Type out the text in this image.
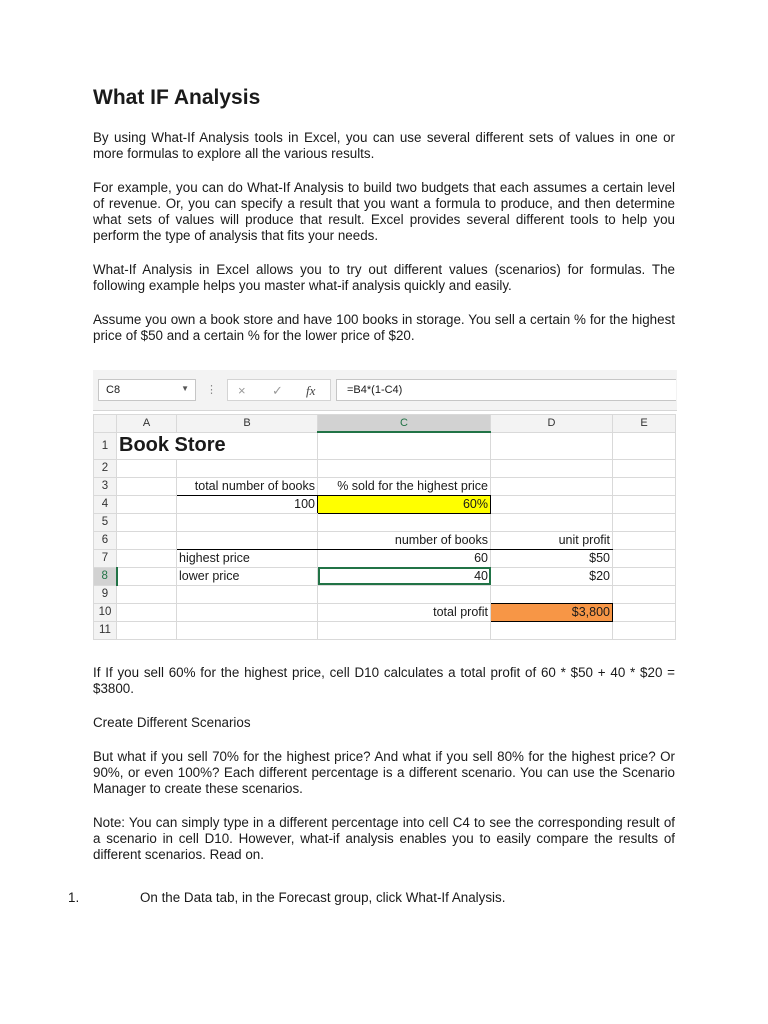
What IF Analysis

By using What-If Analysis tools in Excel, you can use several different sets of values in one or more formulas to explore all the various results.

For example, you can do What-If Analysis to build two budgets that each assumes a certain level of revenue. Or, you can specify a result that you want a formula to produce, and then determine what sets of values will produce that result. Excel provides several different tools to help you perform the type of analysis that fits your needs.

What-If Analysis in Excel allows you to try out different values (scenarios) for formulas. The following example helps you master what-if analysis quickly and easily.

Assume you own a book store and have 100 books in storage. You sell a certain % for the highest price of $50 and a certain % for the lower price of $20.

C8	▼ ⋮ × ✓ fx	=B4*(1-C4)
	A	B	C	D	E
1	Book Store				
2					
3		total number of books	% sold for the highest price		
4		100	60%		
5					
6			number of books	unit profit	
7		highest price	60	$50	
8		lower price	40	$20	
9					
10			total profit	$3,800	
11					

If If you sell 60% for the highest price, cell D10 calculates a total profit of 60 * $50 + 40 * $20 = $3800.

Create Different Scenarios

But what if you sell 70% for the highest price? And what if you sell 80% for the highest price? Or 90%, or even 100%? Each different percentage is a different scenario. You can use the Scenario Manager to create these scenarios.

Note: You can simply type in a different percentage into cell C4 to see the corresponding result of a scenario in cell D10. However, what-if analysis enables you to easily compare the results of different scenarios. Read on.

1.	On the Data tab, in the Forecast group, click What-If Analysis.
